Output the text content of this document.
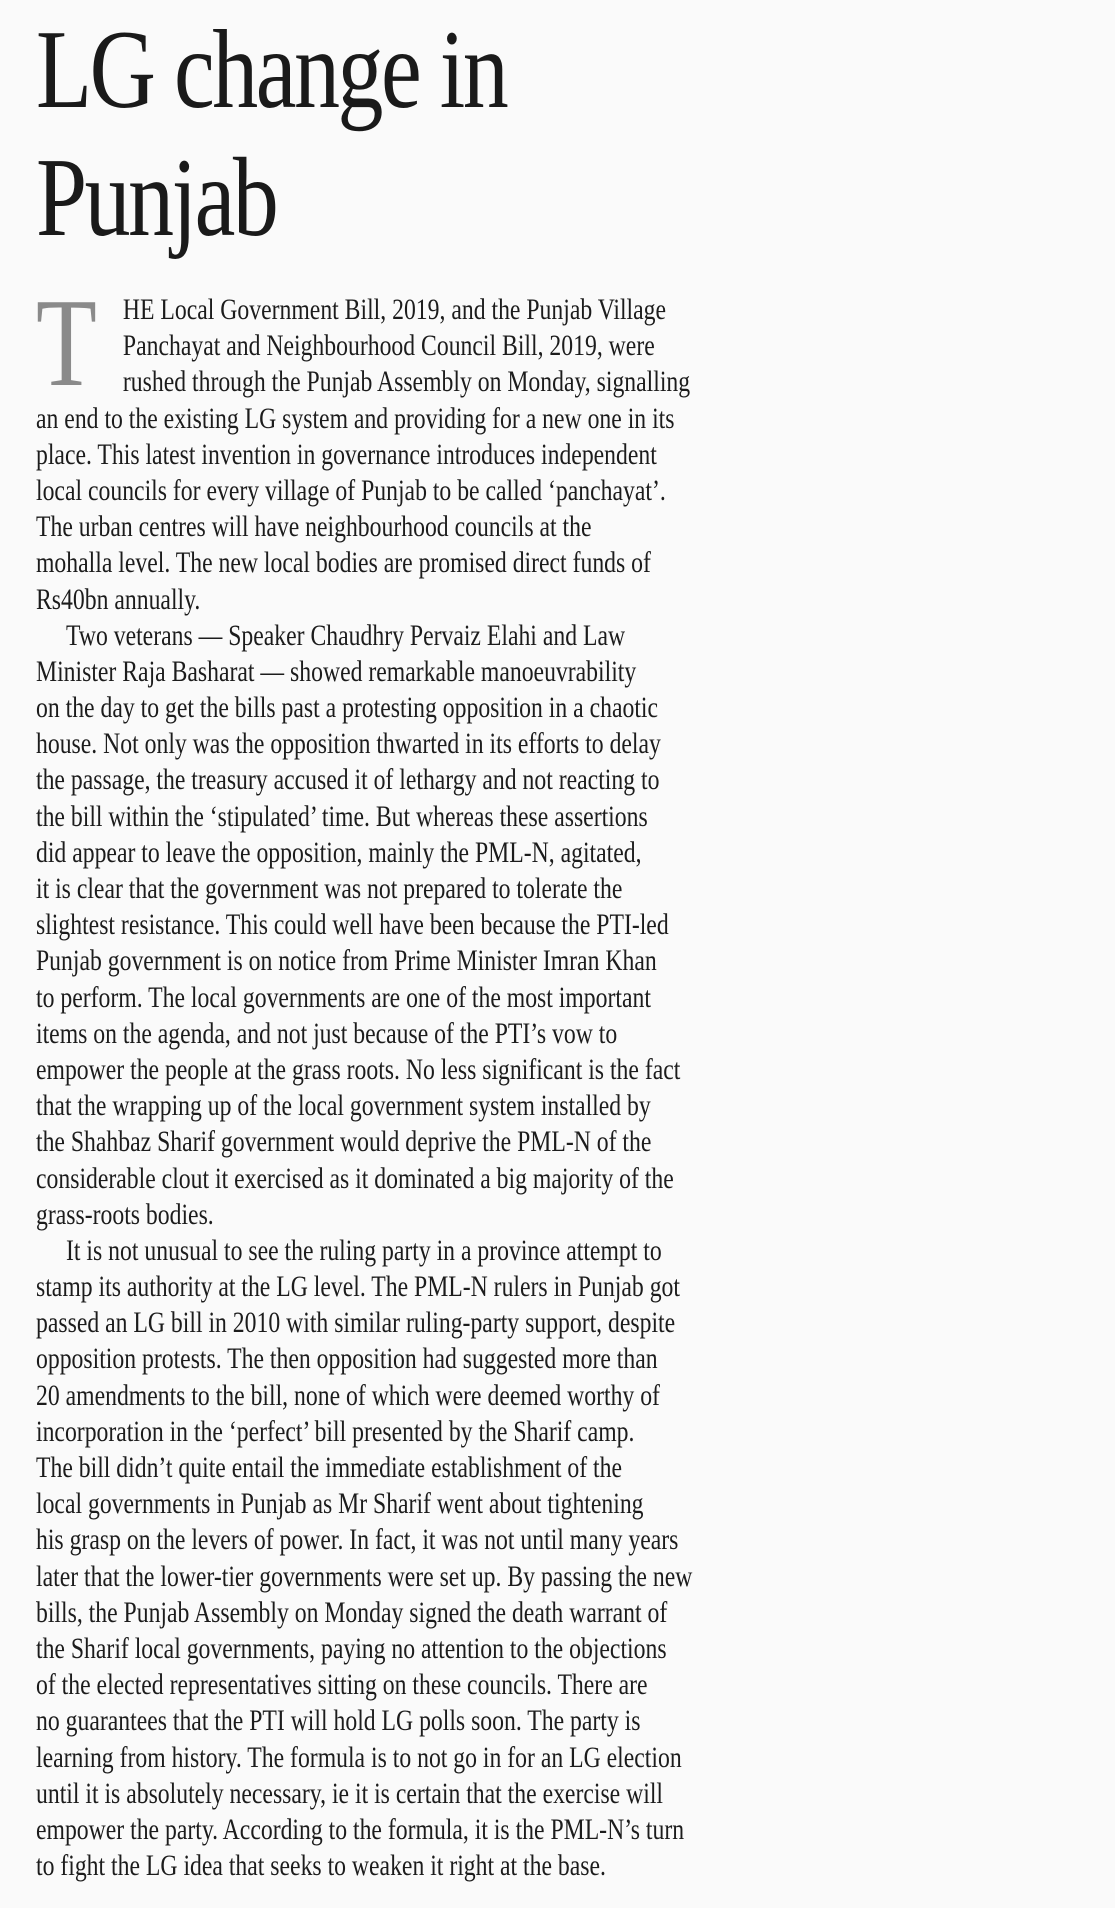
LG change in
Punjab
T HE Local Government Bill, 2019, and the Punjab Village
Panchayat and Neighbourhood Council Bill, 2019, were
rushed through the Punjab Assembly on Monday, signalling
an end to the existing LG system and providing for a new one in its
place. This latest invention in governance introduces independent
local councils for every village of Punjab to be called ‘panchayat’.
The urban centres will have neighbourhood councils at the
mohalla level. The new local bodies are promised direct funds of
Rs40bn annually.
Two veterans — Speaker Chaudhry Pervaiz Elahi and Law
Minister Raja Basharat — showed remarkable manoeuvrability
on the day to get the bills past a protesting opposition in a chaotic
house. Not only was the opposition thwarted in its efforts to delay
the passage, the treasury accused it of lethargy and not reacting to
the bill within the ‘stipulated’ time. But whereas these assertions
did appear to leave the opposition, mainly the PML-N, agitated,
it is clear that the government was not prepared to tolerate the
slightest resistance. This could well have been because the PTI-led
Punjab government is on notice from Prime Minister Imran Khan
to perform. The local governments are one of the most important
items on the agenda, and not just because of the PTI’s vow to
empower the people at the grass roots. No less significant is the fact
that the wrapping up of the local government system installed by
the Shahbaz Sharif government would deprive the PML-N of the
considerable clout it exercised as it dominated a big majority of the
grass-roots bodies.
It is not unusual to see the ruling party in a province attempt to
stamp its authority at the LG level. The PML-N rulers in Punjab got
passed an LG bill in 2010 with similar ruling-party support, despite
opposition protests. The then opposition had suggested more than
20 amendments to the bill, none of which were deemed worthy of
incorporation in the ‘perfect’ bill presented by the Sharif camp.
The bill didn’t quite entail the immediate establishment of the
local governments in Punjab as Mr Sharif went about tightening
his grasp on the levers of power. In fact, it was not until many years
later that the lower-tier governments were set up. By passing the new
bills, the Punjab Assembly on Monday signed the death warrant of
the Sharif local governments, paying no attention to the objections
of the elected representatives sitting on these councils. There are
no guarantees that the PTI will hold LG polls soon. The party is
learning from history. The formula is to not go in for an LG election
until it is absolutely necessary, ie it is certain that the exercise will
empower the party. According to the formula, it is the PML-N’s turn
to fight the LG idea that seeks to weaken it right at the base.
